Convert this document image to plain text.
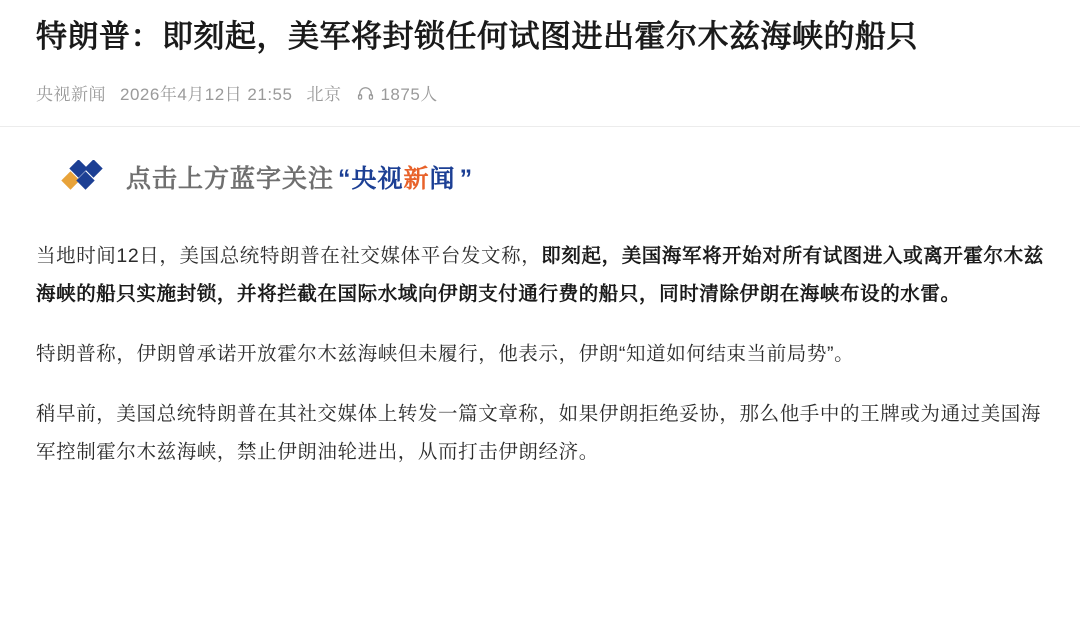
特朗普：即刻起，美军将封锁任何试图进出霍尔木兹海峡的船只
央视新闻 2026年4月12日 21:55 北京 1875人
点击上方蓝字关注 “ 央视 新 闻 ”

当地时间12日，美国总统特朗普在社交媒体平台发文称，即刻起，美国海军将开始对所有试图进入或离开霍尔木兹海峡的船只实施封锁，并将拦截在国际水域向伊朗支付通行费的船只，同时清除伊朗在海峡布设的水雷。

特朗普称，伊朗曾承诺开放霍尔木兹海峡但未履行，他表示，伊朗“知道如何结束当前局势”。

稍早前，美国总统特朗普在其社交媒体上转发一篇文章称，如果伊朗拒绝妥协，那么他手中的王牌或为通过美国海军控制霍尔木兹海峡，禁止伊朗油轮进出，从而打击伊朗经济。
